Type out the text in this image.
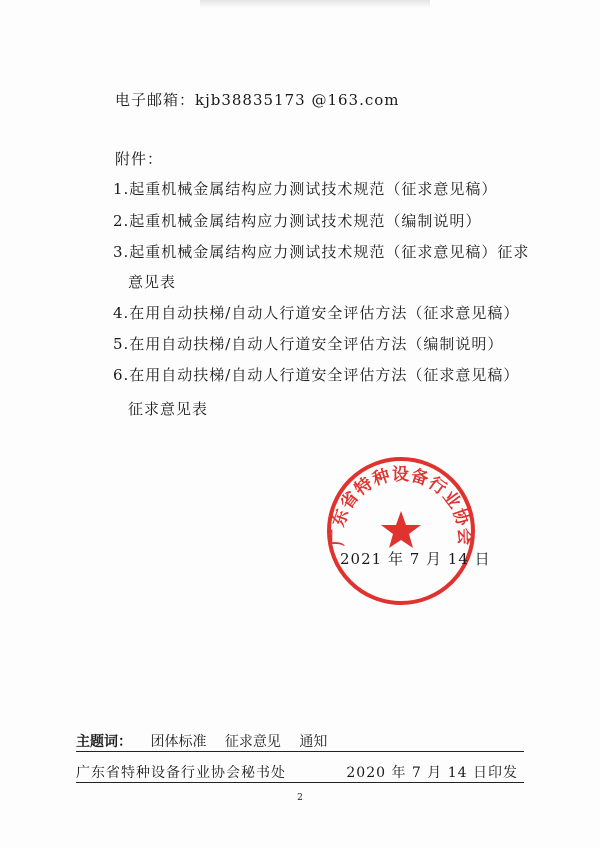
电子邮箱：kjb38835173 @163.com
附件：
1.起重机械金属结构应力测试技术规范（征求意见稿）
2.起重机械金属结构应力测试技术规范（编制说明）
3.起重机械金属结构应力测试技术规范（征求意见稿）征求
意见表
4.在用自动扶梯/自动人行道安全评估方法（征求意见稿）
5.在用自动扶梯/自动人行道安全评估方法（编制说明）
6.在用自动扶梯/自动人行道安全评估方法（征求意见稿）
征求意见表
广东省特种设备行业协会
2021 年 7 月 14 日
主题词： 团体标准 征求意见 通知
广东省特种设备行业协会秘书处	2020 年 7 月 14 日印发
2
